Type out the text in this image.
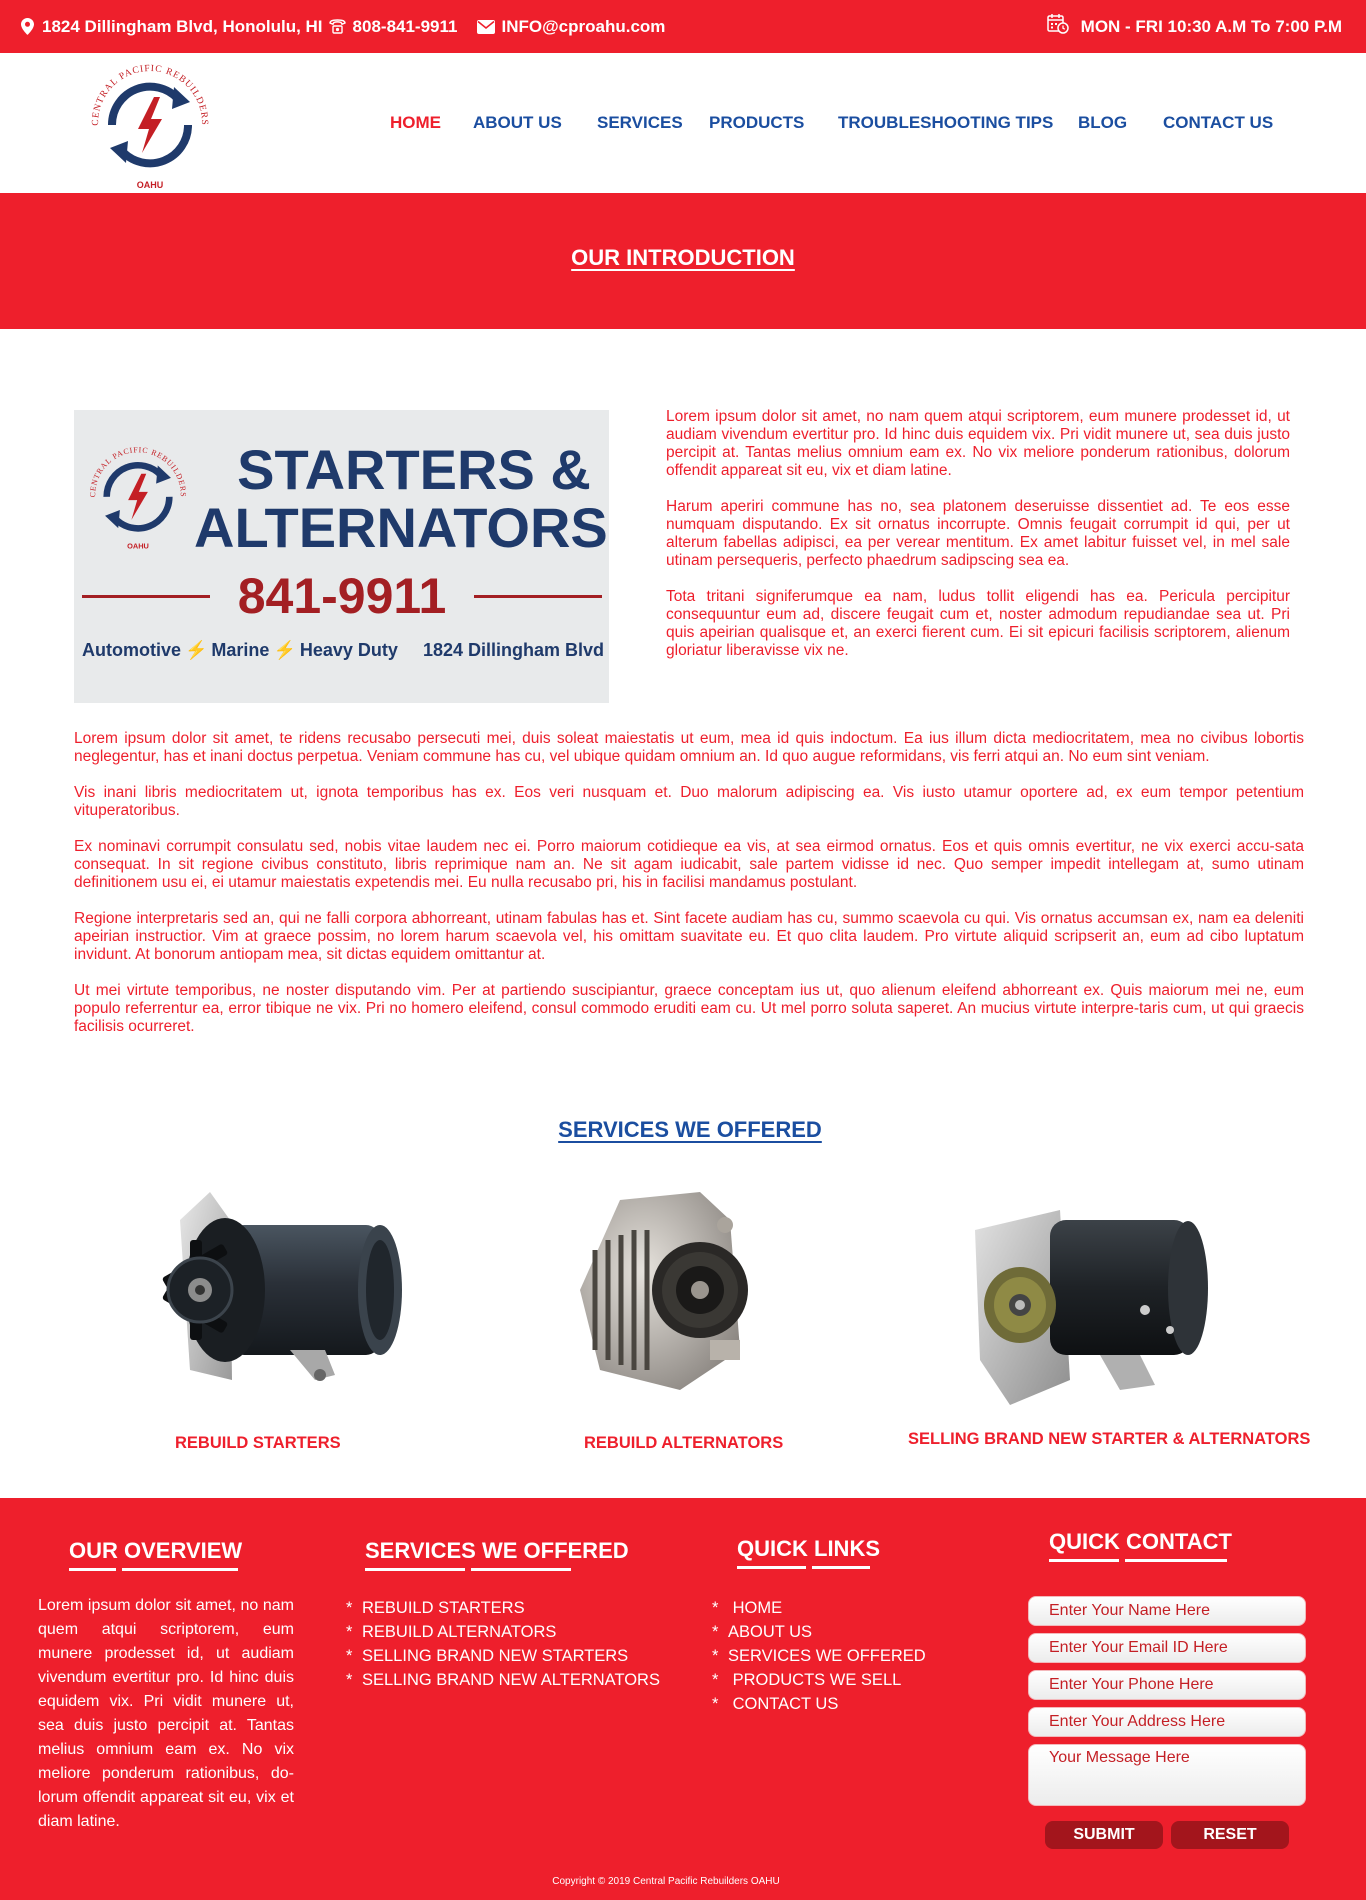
1824 Dillingham Blvd, Honolulu, HI 808-841-9911	INFO@cproahu.com	MON - FRI 10:30 A.M To 7:00 P.M
CENTRAL PACIFIC REBUILDERS
OAHU
HOME ABOUT US SERVICES PRODUCTS TROUBLESHOOTING TIPS BLOG CONTACT US
OUR INTRODUCTION
CENTRAL PACIFIC REBUILDERS
OAHU
STARTERS &
ALTERNATORS
841-9911
Automotive ⚡ Marine ⚡ Heavy Duty 1824 Dillingham Blvd

Lorem ipsum dolor sit amet, no nam quem atqui scriptorem, eum munere prodesset id, ut audiam vivendum evertitur pro. Id hinc duis equidem vix. Pri vidit munere ut, sea duis justo percipit at. Tantas melius omnium eam ex. No vix meliore ponderum rationibus, dolorum offendit appareat sit eu, vix et diam latine.

Harum aperiri commune has no, sea platonem deseruisse dissentiet ad. Te eos esse numquam disputando. Ex sit ornatus incorrupte. Omnis feugait corrumpit id qui, per ut alterum fabellas adipisci, ea per verear mentitum. Ex amet labitur fuisset vel, in mel sale utinam persequeris, perfecto phaedrum sadipscing sea ea.

Tota tritani signiferumque ea nam, ludus tollit eligendi has ea. Pericula percipitur consequuntur eum ad, discere feugait cum et, noster admodum repudiandae sea ut. Pri quis apeirian qualisque et, an exerci fierent cum. Ei sit epicuri facilisis scriptorem, alienum gloriatur liberavisse vix ne.

Lorem ipsum dolor sit amet, te ridens recusabo persecuti mei, duis soleat maiestatis ut eum, mea id quis indoctum. Ea ius illum dicta mediocritatem, mea no civibus lobortis neglegentur, has et inani doctus perpetua. Veniam commune has cu, vel ubique quidam omnium an. Id quo augue reformidans, vis ferri atqui an. No eum sint veniam.

Vis inani libris mediocritatem ut, ignota temporibus has ex. Eos veri nusquam et. Duo malorum adipiscing ea. Vis iusto utamur oportere ad, ex eum tempor petentium vituperatoribus.

Ex nominavi corrumpit consulatu sed, nobis vitae laudem nec ei. Porro maiorum cotidieque ea vis, at sea eirmod ornatus. Eos et quis omnis evertitur, ne vix exerci accu-sata consequat. In sit regione civibus constituto, libris reprimique nam an. Ne sit agam iudicabit, sale partem vidisse id nec. Quo semper impedit intellegam at, sumo utinam definitionem usu ei, ei utamur maiestatis expetendis mei. Eu nulla recusabo pri, his in facilisi mandamus postulant.

Regione interpretaris sed an, qui ne falli corpora abhorreant, utinam fabulas has et. Sint facete audiam has cu, summo scaevola cu qui. Vis ornatus accumsan ex, nam ea deleniti apeirian instructior. Vim at graece possim, no lorem harum scaevola vel, his omittam suavitate eu. Et quo clita laudem. Pro virtute aliquid scripserit an, eum ad cibo luptatum invidunt. At bonorum antiopam mea, sit dictas equidem omittantur at.

Ut mei virtute temporibus, ne noster disputando vim. Per at partiendo suscipiantur, graece conceptam ius ut, quo alienum eleifend abhorreant ex. Quis maiorum mei ne, eum populo referrentur ea, error tibique ne vix. Pri no homero eleifend, consul commodo eruditi eam cu. Ut mel porro soluta saperet. An mucius virtute interpre-taris cum, ut qui graecis facilisis ocurreret.

SERVICES WE OFFERED
REBUILD STARTERS	REBUILD ALTERNATORS	SELLING BRAND NEW STARTER & ALTERNATORS
OUR OVERVIEW
Lorem ipsum dolor sit amet, no nam quem atqui scriptorem, eum munere prodesset id, ut audiam vivendum evertitur pro. Id hinc duis equidem vix. Pri vidit munere ut, sea duis justo percipit at. Tantas melius omnium eam ex. No vix meliore ponderum rationibus, do-lorum offendit appareat sit eu, vix et diam latine.
SERVICES WE OFFERED
* REBUILD STARTERS
* REBUILD ALTERNATORS
* SELLING BRAND NEW STARTERS
* SELLING BRAND NEW ALTERNATORS
QUICK LINKS
* HOME
* ABOUT US
* SERVICES WE OFFERED
* PRODUCTS WE SELL
* CONTACT US
QUICK CONTACT
Enter Your Name Here Enter Your Email ID Here Enter Your Phone Here Enter Your Address Here Your Message Here
SUBMIT	RESET
Copyright © 2019 Central Pacific Rebuilders OAHU
